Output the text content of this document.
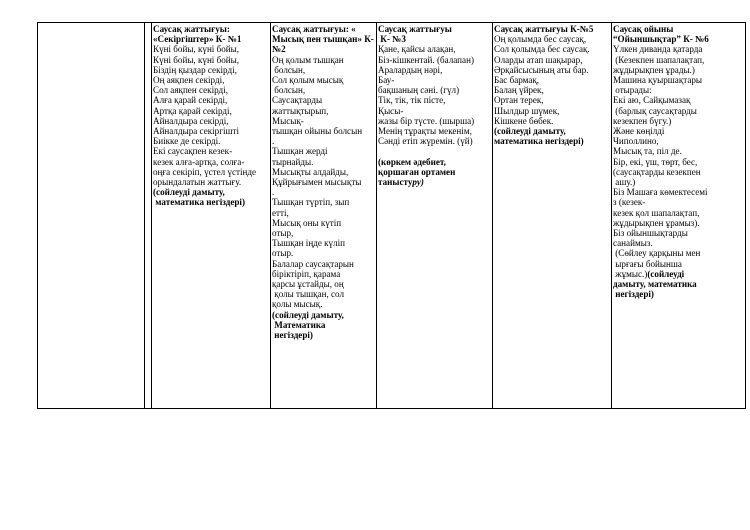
Саусақ жаттығуы:
«Секіргіштер» К- №1
Күні бойы, күні бойы,
Күні бойы, күні бойы,
Біздің қыздар секірді,
Оң аяқпен секірді,
Сол аяқпен секірді,
Алға қарай секірді,
Артқа қарай секірді,
Айналдыра секірді,
Айналдыра секіргішті
Биікке де секірді.
Екі саусақпен кезек-
кезек алға-артқа, солға-
оңға секіріп, үстел үстінде
орындалатын жаттығу.
(сойлеуді дамыту,
математика негіздері)

Саусақ жаттығуы: « Мысық пен тышқан» К- №2
Оң қолым тышқан
болсын,
Сол қолым мысық
болсын,
Саусақтарды
жаттықтырып,
Мысық-
тышқан ойыны болсын
.
Тышқан жерді
тырнайды.
Мысықты алдайды,
Құйрығымен мысықты
.
Тышқан түртіп, зып
етті,
Мысық оны күтіп
отыр,
Тышқан іңде күліп
отыр.
Балалар саусақтарын
біріктіріп, қарама
қарсы ұстайды, оң
қолы тышқан, сол
қолы мысық.
(сойлеуді дамыту,
Математика
негіздері)

Саусақ жаттығуы
К- №3
Қане, қайсы алақан,
Біз-кішкентай. (балапан)
Аралардың нәрі,
Бау-
бақшаның сәні. (гүл)
Тік, тік, тік пісте,
Қысы-
жазы бір түсте. (шырша)
Менің тұрақты мекенім,
Сәнді етіп жүремін. (үй)

(көркем әдебиет,
қоршаған ортамен
таныстуру)

Саусақ жаттығуы К-№5
Оң қолымда бес саусақ,
Сол қолымда бес саусақ.
Оларды атап шақырар,
Әрқайсысының аты бар.
Бас бармақ,
Балаң үйрек,
Ортан терек,
Шылдыр шүмек,
Кішкене бөбек.
(сойлеуді дамыту,
математика негіздері)

Саусақ ойыны
“Ойыншықтар” К- №6
Үлкен диванда қатарда
(Кезекпен шапалақтап,
жұдырықпен ұрады.)
Машина қуыршақтары
отырады:
Екі аю, Сайқымазақ
(барлық саусақтарды
кезекпен бүгу.)
Және көңілді
Чиполлино,
Мысық та, піл де.
Бір, екі, үш, төрт, бес,
(саусақтарды кезекпен
ашу.)
Біз Машаға көмектесемі
з (кезек-
кезек қол шапалақтап,
жұдырықпен ұрамыз).
Біз ойыншықтарды
санаймыз.
(Сөйлеу қарқыны мен
ырғағы бойынша
жұмыс.)(сойлеуді
дамыту, математика
негіздері)
